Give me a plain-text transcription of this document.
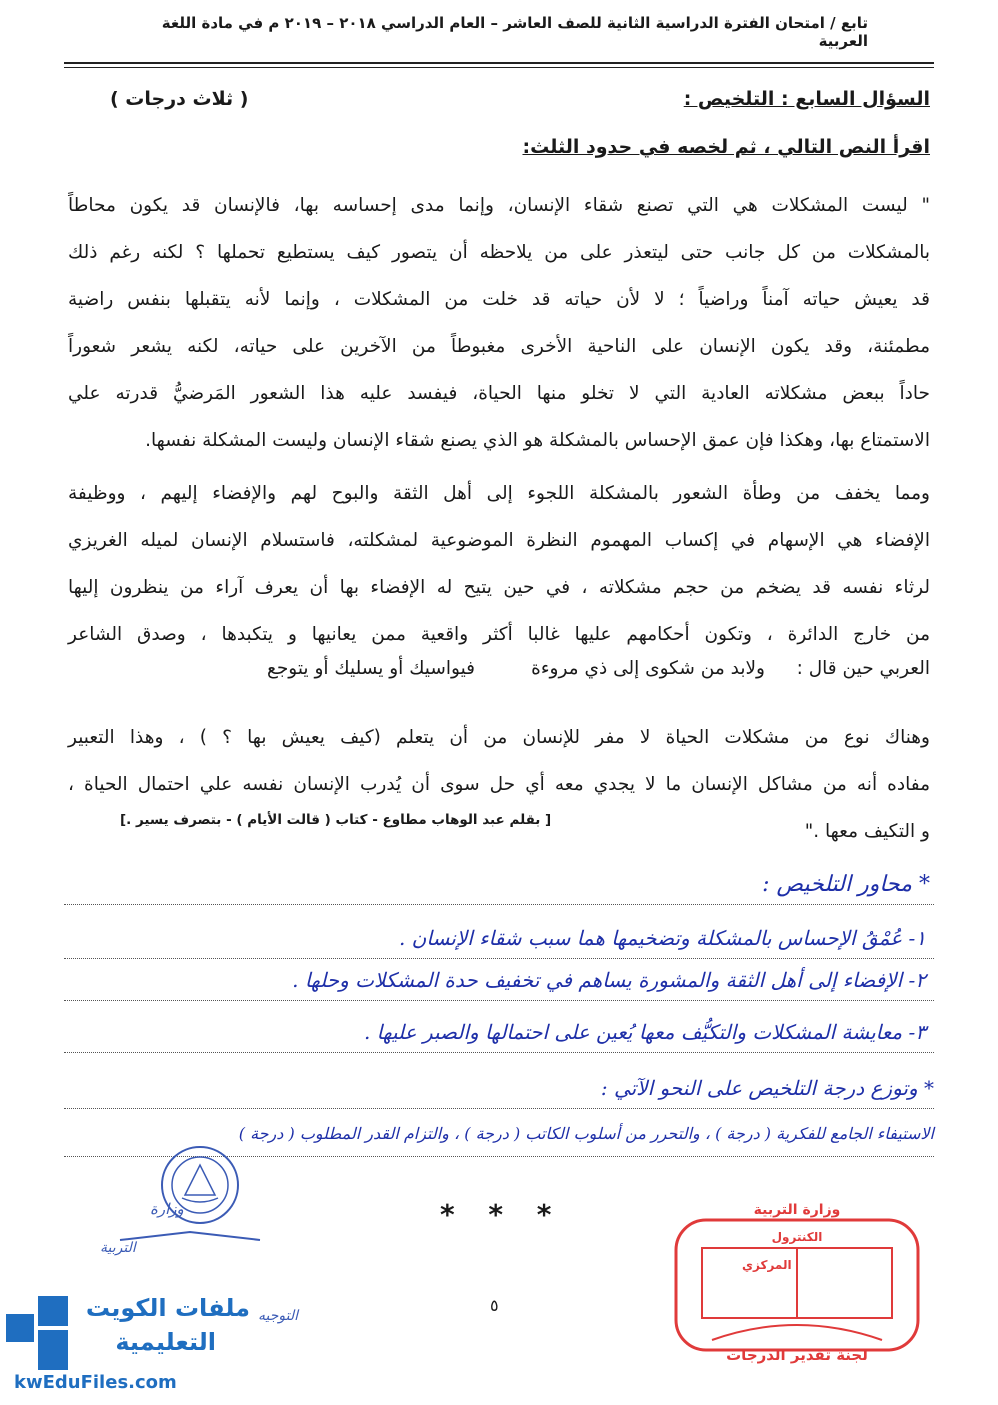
تابع / امتحان الفترة الدراسية الثانية للصف العاشر – العام الدراسي ٢٠١٨ – ٢٠١٩ م في مادة اللغة العربية
السؤال السابع : التلخيص :
( ثلاث درجات )
اقرأ النص التالي ، ثم لخصه في حدود الثلث:
" ليست المشكلات هي التي تصنع شقاء الإنسان، وإنما مدى إحساسه بها، فالإنسان قد يكون محاطاً
بالمشكلات من كل جانب حتى ليتعذر على من يلاحظه أن يتصور كيف يستطيع تحملها ؟ لكنه رغم ذلك
قد يعيش حياته آمناً وراضياً ؛ لا لأن حياته قد خلت من المشكلات ، وإنما لأنه يتقبلها بنفس راضية
مطمئنة، وقد يكون الإنسان على الناحية الأخرى مغبوطاً من الآخرين على حياته، لكنه يشعر شعوراً
حاداً ببعض مشكلاته العادية التي لا تخلو منها الحياة، فيفسد عليه هذا الشعور المَرضيُّ قدرته علي
الاستمتاع بها، وهكذا فإن عمق الإحساس بالمشكلة هو الذي يصنع شقاء الإنسان وليست المشكلة نفسها.
ومما يخفف من وطأة الشعور بالمشكلة اللجوء إلى أهل الثقة والبوح لهم والإفضاء إليهم ، ووظيفة
الإفضاء هي الإسهام في إكساب المهموم النظرة الموضوعية لمشكلته، فاستسلام الإنسان لميله الغريزي
لرثاء نفسه قد يضخم من حجم مشكلاته ، في حين يتيح له الإفضاء بها أن يعرف آراء من ينظرون إليها
من خارج الدائرة ، وتكون أحكامهم عليها غالبا أكثر واقعية ممن يعانيها و يتكبدها ، وصدق الشاعر
العربي حين قال :
ولابد من شكوى إلى ذي مروءة
فيواسيك أو يسليك أو يتوجع
وهناك نوع من مشكلات الحياة لا مفر للإنسان من أن يتعلم (كيف يعيش بها ؟ ) ، وهذا التعبير
مفاده أنه من مشاكل الإنسان ما لا يجدي معه أي حل سوى أن يُدرب الإنسان نفسه علي احتمال الحياة ،
و التكيف معها ."
[ بقلم عبد الوهاب مطاوع - كتاب ( قالت الأيام ) - بتصرف يسير .]
* محاور التلخيص :
١- عُمْقُ الإحساس بالمشكلة وتضخيمها هما سبب شقاء الإنسان .
٢- الإفضاء إلى أهل الثقة والمشورة يساهم في تخفيف حدة المشكلات وحلها .
٣- معايشة المشكلات والتكيُّف معها يُعين على احتمالها والصبر عليها .
* وتوزع درجة التلخيص على النحو الآتي :
الاستيفاء الجامع للفكرية ( درجة ) ، والتحرر من أسلوب الكاتب ( درجة ) ، والتزام القدر المطلوب ( درجة )
* * *
٥
وزارة
التربية
التوجيه
وزارة التربية
الكنترول
المركزي
لجنة تقدير الدرجات
ملفات الكويت
التعليمية
kwEduFiles.com
